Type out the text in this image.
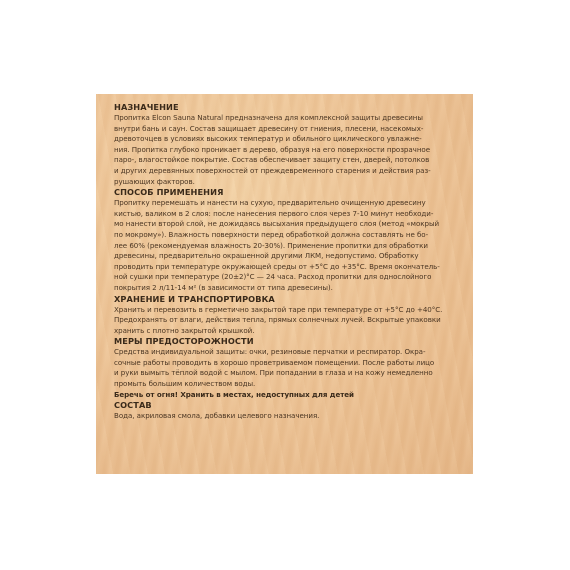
НАЗНАЧЕНИЕ
Пропитка Elcon Sauna Natural предназначена для комплексной защиты древесины
внутри бань и саун. Состав защищает древесину от гниения, плесени, насекомых-
древоточцев в условиях высоких температур и обильного циклического увлажне-
ния. Пропитка глубоко проникает в дерево, образуя на его поверхности прозрачное
паро-, влагостойкое покрытие. Состав обеспечивает защиту стен, дверей, потолков
и других деревянных поверхностей от преждевременного старения и действия раз-
рушающих факторов.
СПОСОБ ПРИМЕНЕНИЯ
Пропитку перемешать и нанести на сухую, предварительно очищенную древесину
кистью, валиком в 2 слоя: после нанесения первого слоя через 7-10 минут необходи-
мо нанести второй слой, не дожидаясь высыхания предыдущего слоя (метод «мокрый
по мокрому»). Влажность поверхности перед обработкой должна составлять не бо-
лее 60% (рекомендуемая влажность 20-30%). Применение пропитки для обработки
древесины, предварительно окрашенной другими ЛКМ, недопустимо. Обработку
проводить при температуре окружающей среды от +5°С до +35°С. Время окончатель-
ной сушки при температуре (20±2)°С — 24 часа. Расход пропитки для однослойного
покрытия 2 л/11-14 м² (в зависимости от типа древесины).
ХРАНЕНИЕ И ТРАНСПОРТИРОВКА
Хранить и перевозить в герметично закрытой таре при температуре от +5°С до +40°С.
Предохранять от влаги, действия тепла, прямых солнечных лучей. Вскрытые упаковки
хранить с плотно закрытой крышкой.
МЕРЫ ПРЕДОСТОРОЖНОСТИ
Средства индивидуальной защиты: очки, резиновые перчатки и респиратор. Окра-
сочные работы проводить в хорошо проветриваемом помещении. После работы лицо
и руки вымыть тёплой водой с мылом. При попадании в глаза и на кожу немедленно
промыть большим количеством воды.
Беречь от огня! Хранить в местах, недоступных для детей
СОСТАВ
Вода, акриловая смола, добавки целевого назначения.
